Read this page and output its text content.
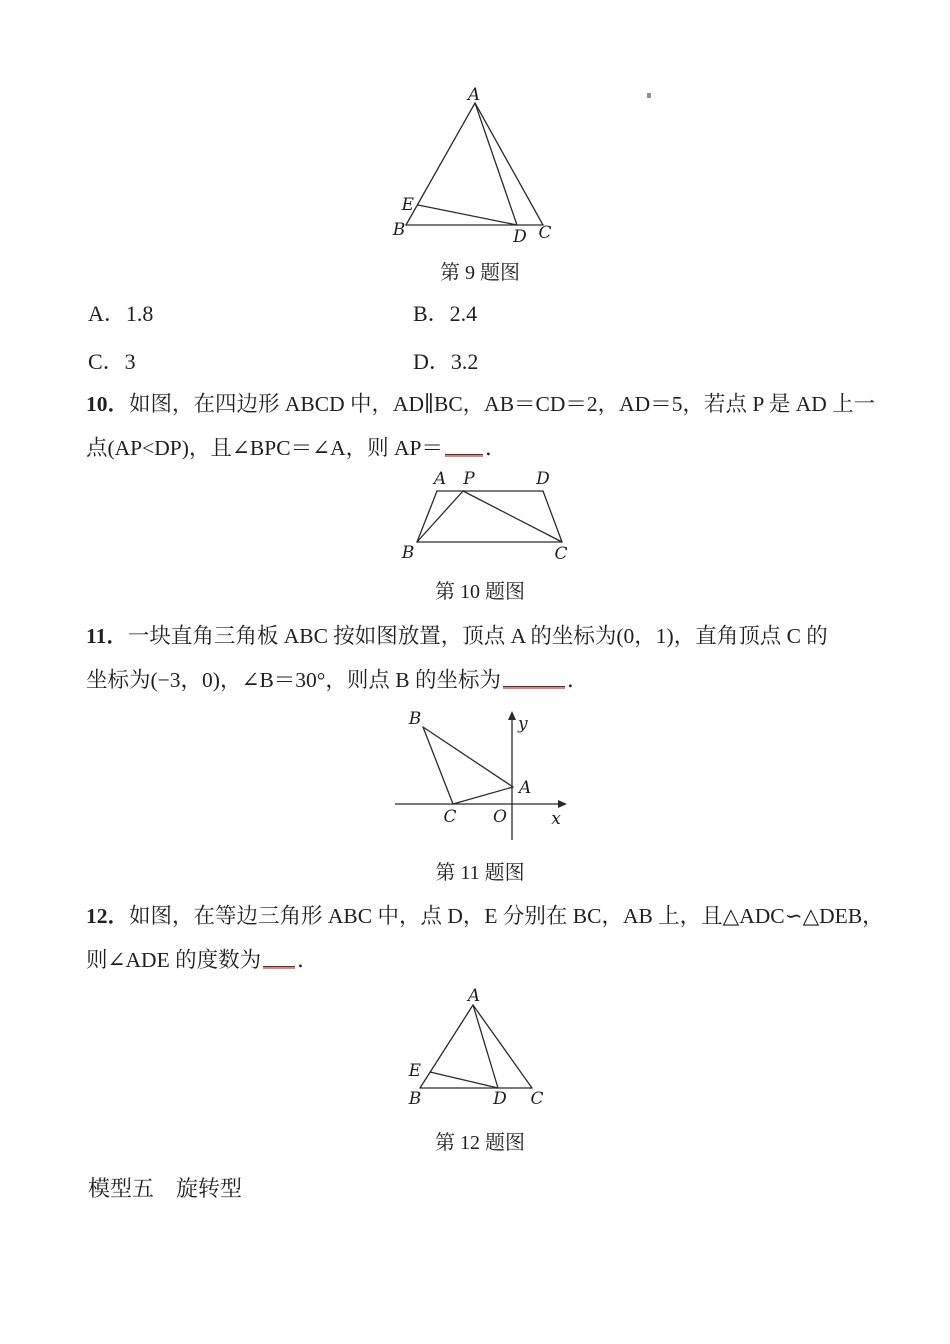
A
E
B	D C
第 9 题图
A．1.8	B．2.4
C．3	D．3.2
10．如图，在四边形 ABCD 中，AD∥BC，AB＝CD＝2，AD＝5，若点 P 是 AD 上一
点(AP<DP)，且∠BPC＝∠A，则 AP＝ ．
A P	D
B	C
第 10 题图
11．一块直角三角板 ABC 按如图放置，顶点 A 的坐标为(0，1)，直角顶点 C 的
坐标为(−3，0)，∠B＝30°，则点 B 的坐标为	．
B	y
A
C O	x
第 11 题图
12．如图，在等边三角形 ABC 中，点 D，E 分别在 BC，AB 上，且△ADC∽△DEB，
则∠ADE 的度数为 ．
A
E
B	D C
第 12 题图
模型五　旋转型
